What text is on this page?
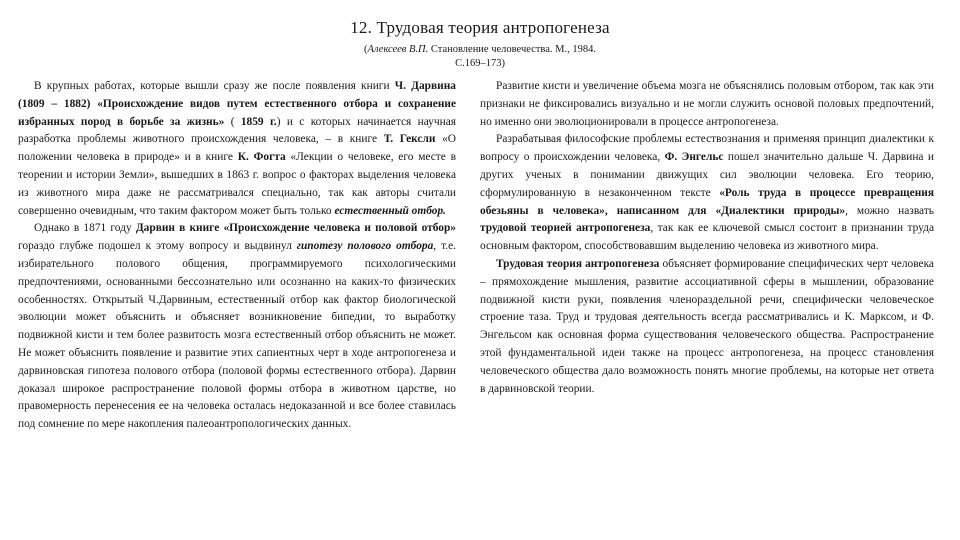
12. Трудовая теория антропогенеза
(Алексеев В.П. Становление человечества. М., 1984.
С.169–173)

В крупных работах, которые вышли сразу же после появления книги Ч. Дарвина (1809 – 1882) «Происхождение видов путем естественного отбора и сохранение избранных пород в борьбе за жизнь» ( 1859 г.) и с которых начинается научная разработка проблемы животного происхождения человека, – в книге Т. Гексли «О положении человека в природе» и в книге К. Фогта «Лекции о человеке, его месте в теорении и истории Земли», вышедших в 1863 г. вопрос о факторах выделения человека из животного мира даже не рассматривался специально, так как авторы считали совершенно очевидным, что таким фактором может быть только естественный отбор.

Однако в 1871 году Дарвин в книге «Происхождение человека и половой отбор» гораздо глубже подошел к этому вопросу и выдвинул гипотезу полового отбора, т.е. избирательного полового общения, программируемого психологическими предпочтениями, основанными бессознательно или осознанно на каких-то физических особенностях. Открытый Ч.Дарвиным, естественный отбор как фактор биологической эволюции может объяснить и объясняет возникновение бипедии, то выработку подвижной кисти и тем более развитость мозга естественный отбор объяснить не может. Не может объяснить появление и развитие этих сапиентных черт в ходе антропогенеза и дарвиновская гипотеза полового отбора (половой формы естественного отбора). Дарвин доказал широкое распространение половой формы отбора в животном царстве, но правомерность перенесения ее на человека осталась недоказанной и все более ставилась под сомнение по мере накопления палеоантропологических данных.

Развитие кисти и увеличение объема мозга не объяснялись половым отбором, так как эти признаки не фиксировались визуально и не могли служить основой половых предпочтений, но именно они эволюционировали в процессе антропогенеза.

Разрабатывая философские проблемы естествознания и применяя принцип диалектики к вопросу о происхождении человека, Ф. Энгельс пошел значительно дальше Ч. Дарвина и других ученых в понимании движущих сил эволюции человека. Его теорию, сформулированную в незаконченном тексте «Роль труда в процессе превращения обезьяны в человека», написанном для «Диалектики природы», можно назвать трудовой теорией антропогенеза, так как ее ключевой смысл состоит в признании труда основным фактором, способствовавшим выделению человека из животного мира.

Трудовая теория антропогенеза объясняет формирование специфических черт человека – прямохождение мышления, развитие ассоциативной сферы в мышлении, образование подвижной кисти руки, появления членораздельной речи, специфически человеческое строение таза. Труд и трудовая деятельность всегда рассматривались и К. Марксом, и Ф. Энгельсом как основная форма существования человеческого общества. Распространение этой фундаментальной идеи также на процесс антропогенеза, на процесс становления человеческого общества дало возможность понять многие проблемы, на которые нет ответа в дарвиновской теории.
